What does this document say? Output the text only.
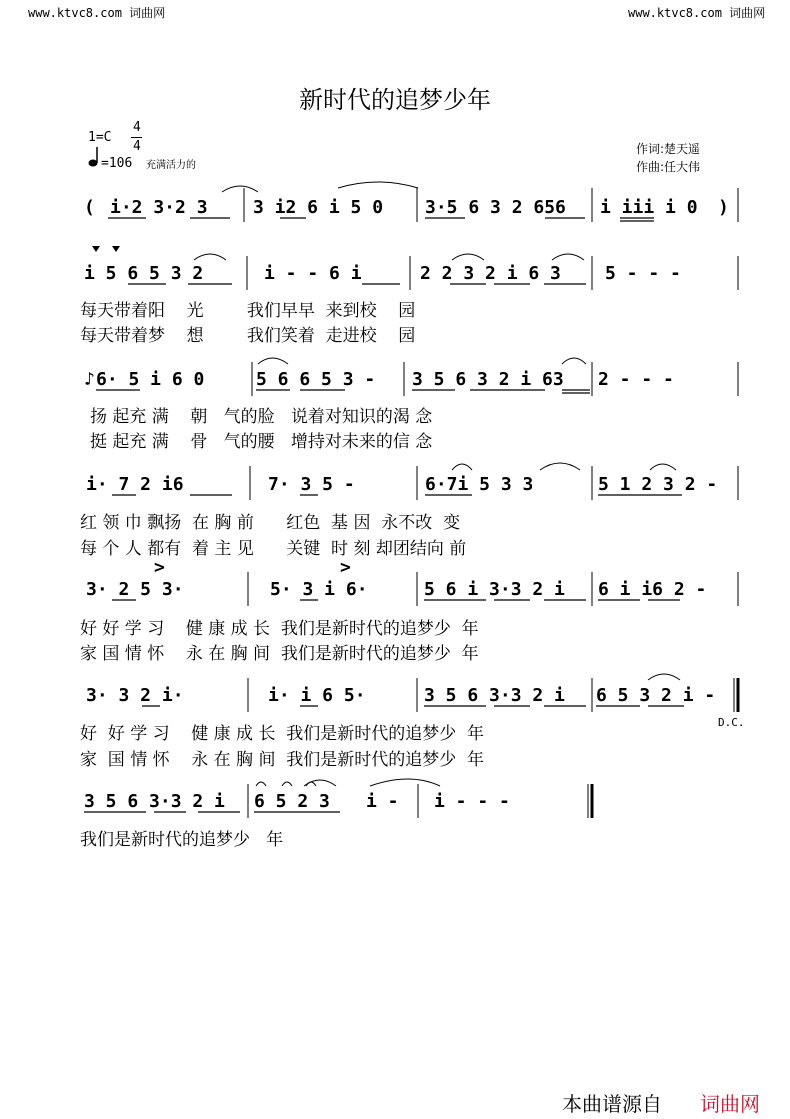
www.ktvc8.com 词曲网	www.ktvc8.com 词曲网
新时代的追梦少年
1=C
4
4
=106 充满活力的
作词:楚天遥
作曲:任大伟
( i·2 3·2 3	3 i2 6 i 5 0 3·5 6 3 2 656 i iii i 0 )
i 5 6 5 3 2	i - - 6 i	2 2 3 2 i 6 3 5 - - -
♪ 6· 5 i 6 0	5 6 6 5 3 - 3 5 6 3 2 i 63 2 - - -
i· 7 2 i6	7· 3 5 -	6·7i 5 3 3	5 1 2 3 2 -
3· 2 5 3·
>
5· 3 i 6·
>
5 6 i 3·3 2 i 6 i i6 2 -
3· 3 2 i·	i· i 6 5·	3 5 6 3·3 2 i 6 5 3 2 i -
3 5 6 3·3 2 i 6 5 2 3 i - i - - -
每天带着阳    光        我们早早  来到校    园
每天带着梦    想        我们笑着  走进校    园
扬 起充 满    朝   气的脸   说着对知识的渴 念
挺 起充 满    骨   气的腰   增持对未来的信 念
红 领 巾 飘扬  在 胸 前      红色  基 因  永不改  变
每 个 人 都有  着 主 见      关键  时 刻 却团结向 前
好 好 学 习    健 康 成 长  我们是新时代的追梦少  年
家 国 情 怀    永 在 胸 间  我们是新时代的追梦少  年
好  好 学 习    健 康 成 长  我们是新时代的追梦少  年
家  国 情 怀    永 在 胸 间  我们是新时代的追梦少  年
我们是新时代的追梦少   年
D.C.
本曲谱源自 词曲网
